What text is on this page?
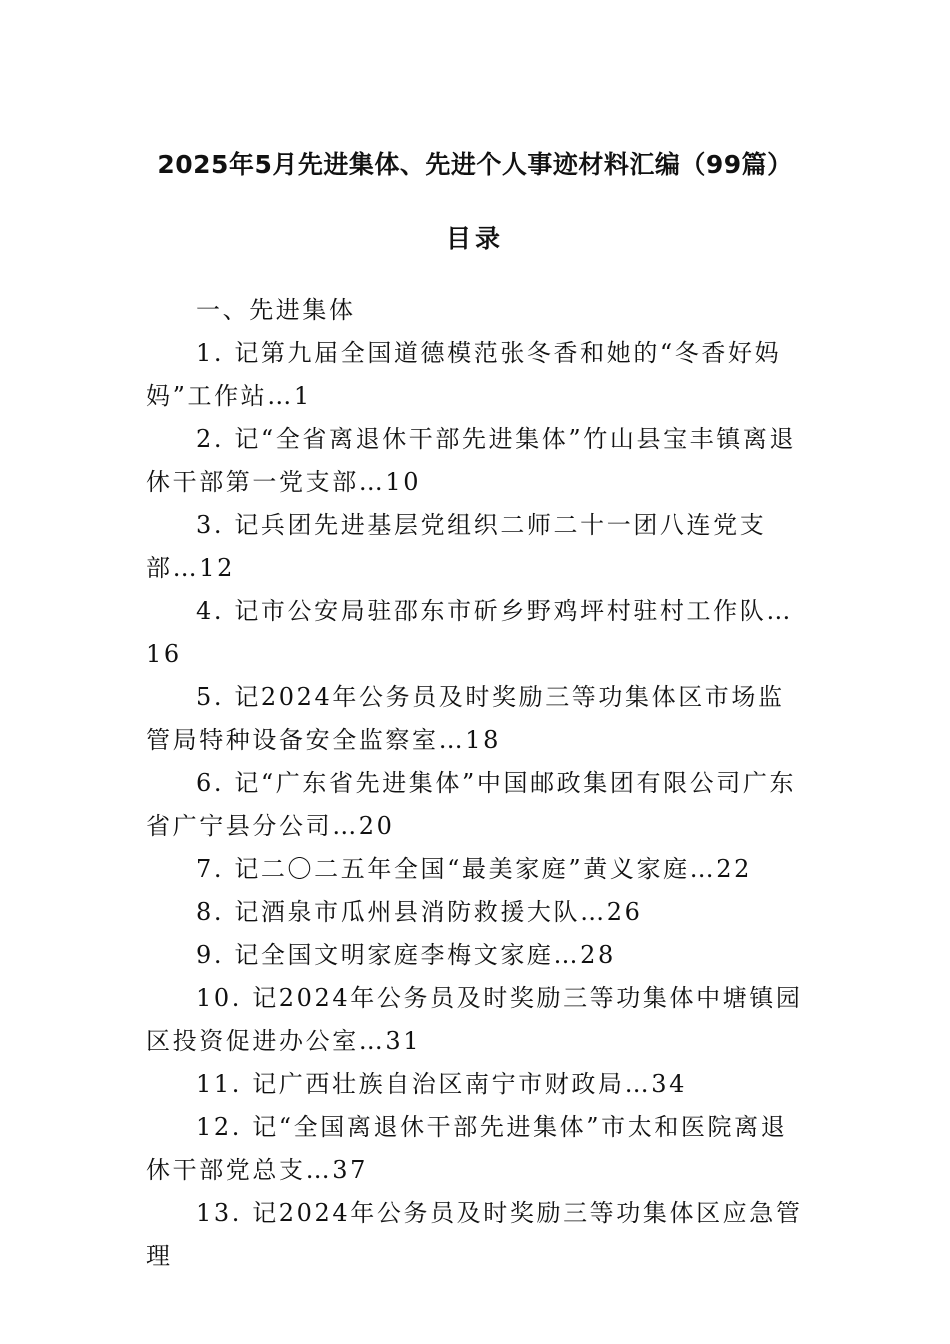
2025年5月先进集体、先进个人事迹材料汇编（99篇）
目录

一、先进集体

1. 记第九届全国道德模范张冬香和她的“冬香好妈妈”工作站…1

2. 记“全省离退休干部先进集体”竹山县宝丰镇离退休干部第一党支部…10

3. 记兵团先进基层党组织二师二十一团八连党支部…12

4. 记市公安局驻邵东市斫乡野鸡坪村驻村工作队…16

5. 记2024年公务员及时奖励三等功集体区市场监管局特种设备安全监察室…18

6. 记“广东省先进集体”中国邮政集团有限公司广东省广宁县分公司…20

7. 记二〇二五年全国“最美家庭”黄义家庭…22

8. 记酒泉市瓜州县消防救援大队…26

9. 记全国文明家庭李梅文家庭…28

10. 记2024年公务员及时奖励三等功集体中塘镇园区投资促进办公室…31

11. 记广西壮族自治区南宁市财政局…34

12. 记“全国离退休干部先进集体”市太和医院离退休干部党总支…37

13. 记2024年公务员及时奖励三等功集体区应急管理
